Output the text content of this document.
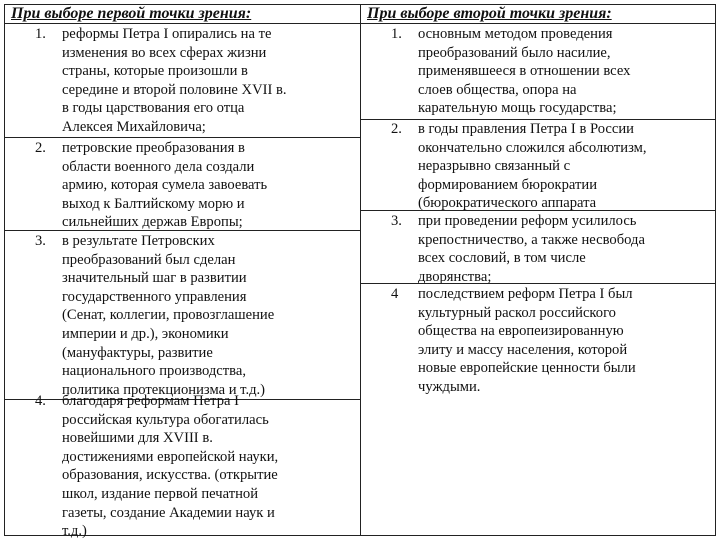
При выборе первой точки зрения:
1. реформы Петра I опирались на те
изменения во всех сферах жизни
страны, которые произошли в
середине и второй половине XVII в.
в годы царствования его отца
Алексея Михайловича;
2. петровские преобразования в
области военного дела создали
армию, которая сумела завоевать
выход к Балтийскому морю и
сильнейших держав Европы;
3. в результате Петровских
преобразований был сделан
значительный шаг в развитии
государственного управления
(Сенат, коллегии, провозглашение
империи и др.), экономики
(мануфактуры, развитие
национального производства,
политика протекционизма и т.д.)
4. благодаря реформам Петра I
российская культура обогатилась
новейшими для XVIII в.
достижениями европейской науки,
образования, искусства. (открытие
школ, издание первой печатной
газеты, создание Академии наук и
т.д.)
При выборе второй точки зрения:
1. основным методом проведения
преобразований было насилие,
применявшееся в отношении всех
слоев общества, опора на
карательную мощь государства;
2. в годы правления Петра I в России
окончательно сложился абсолютизм,
неразрывно связанный с
формированием бюрократии
(бюрократического аппарата
3. при проведении реформ усилилось
крепостничество, а также несвобода
всех сословий, в том числе
дворянства;
4 последствием реформ Петра I был
культурный раскол российского
общества на европеизированную
элиту и массу населения, которой
новые европейские ценности были
чуждыми.
